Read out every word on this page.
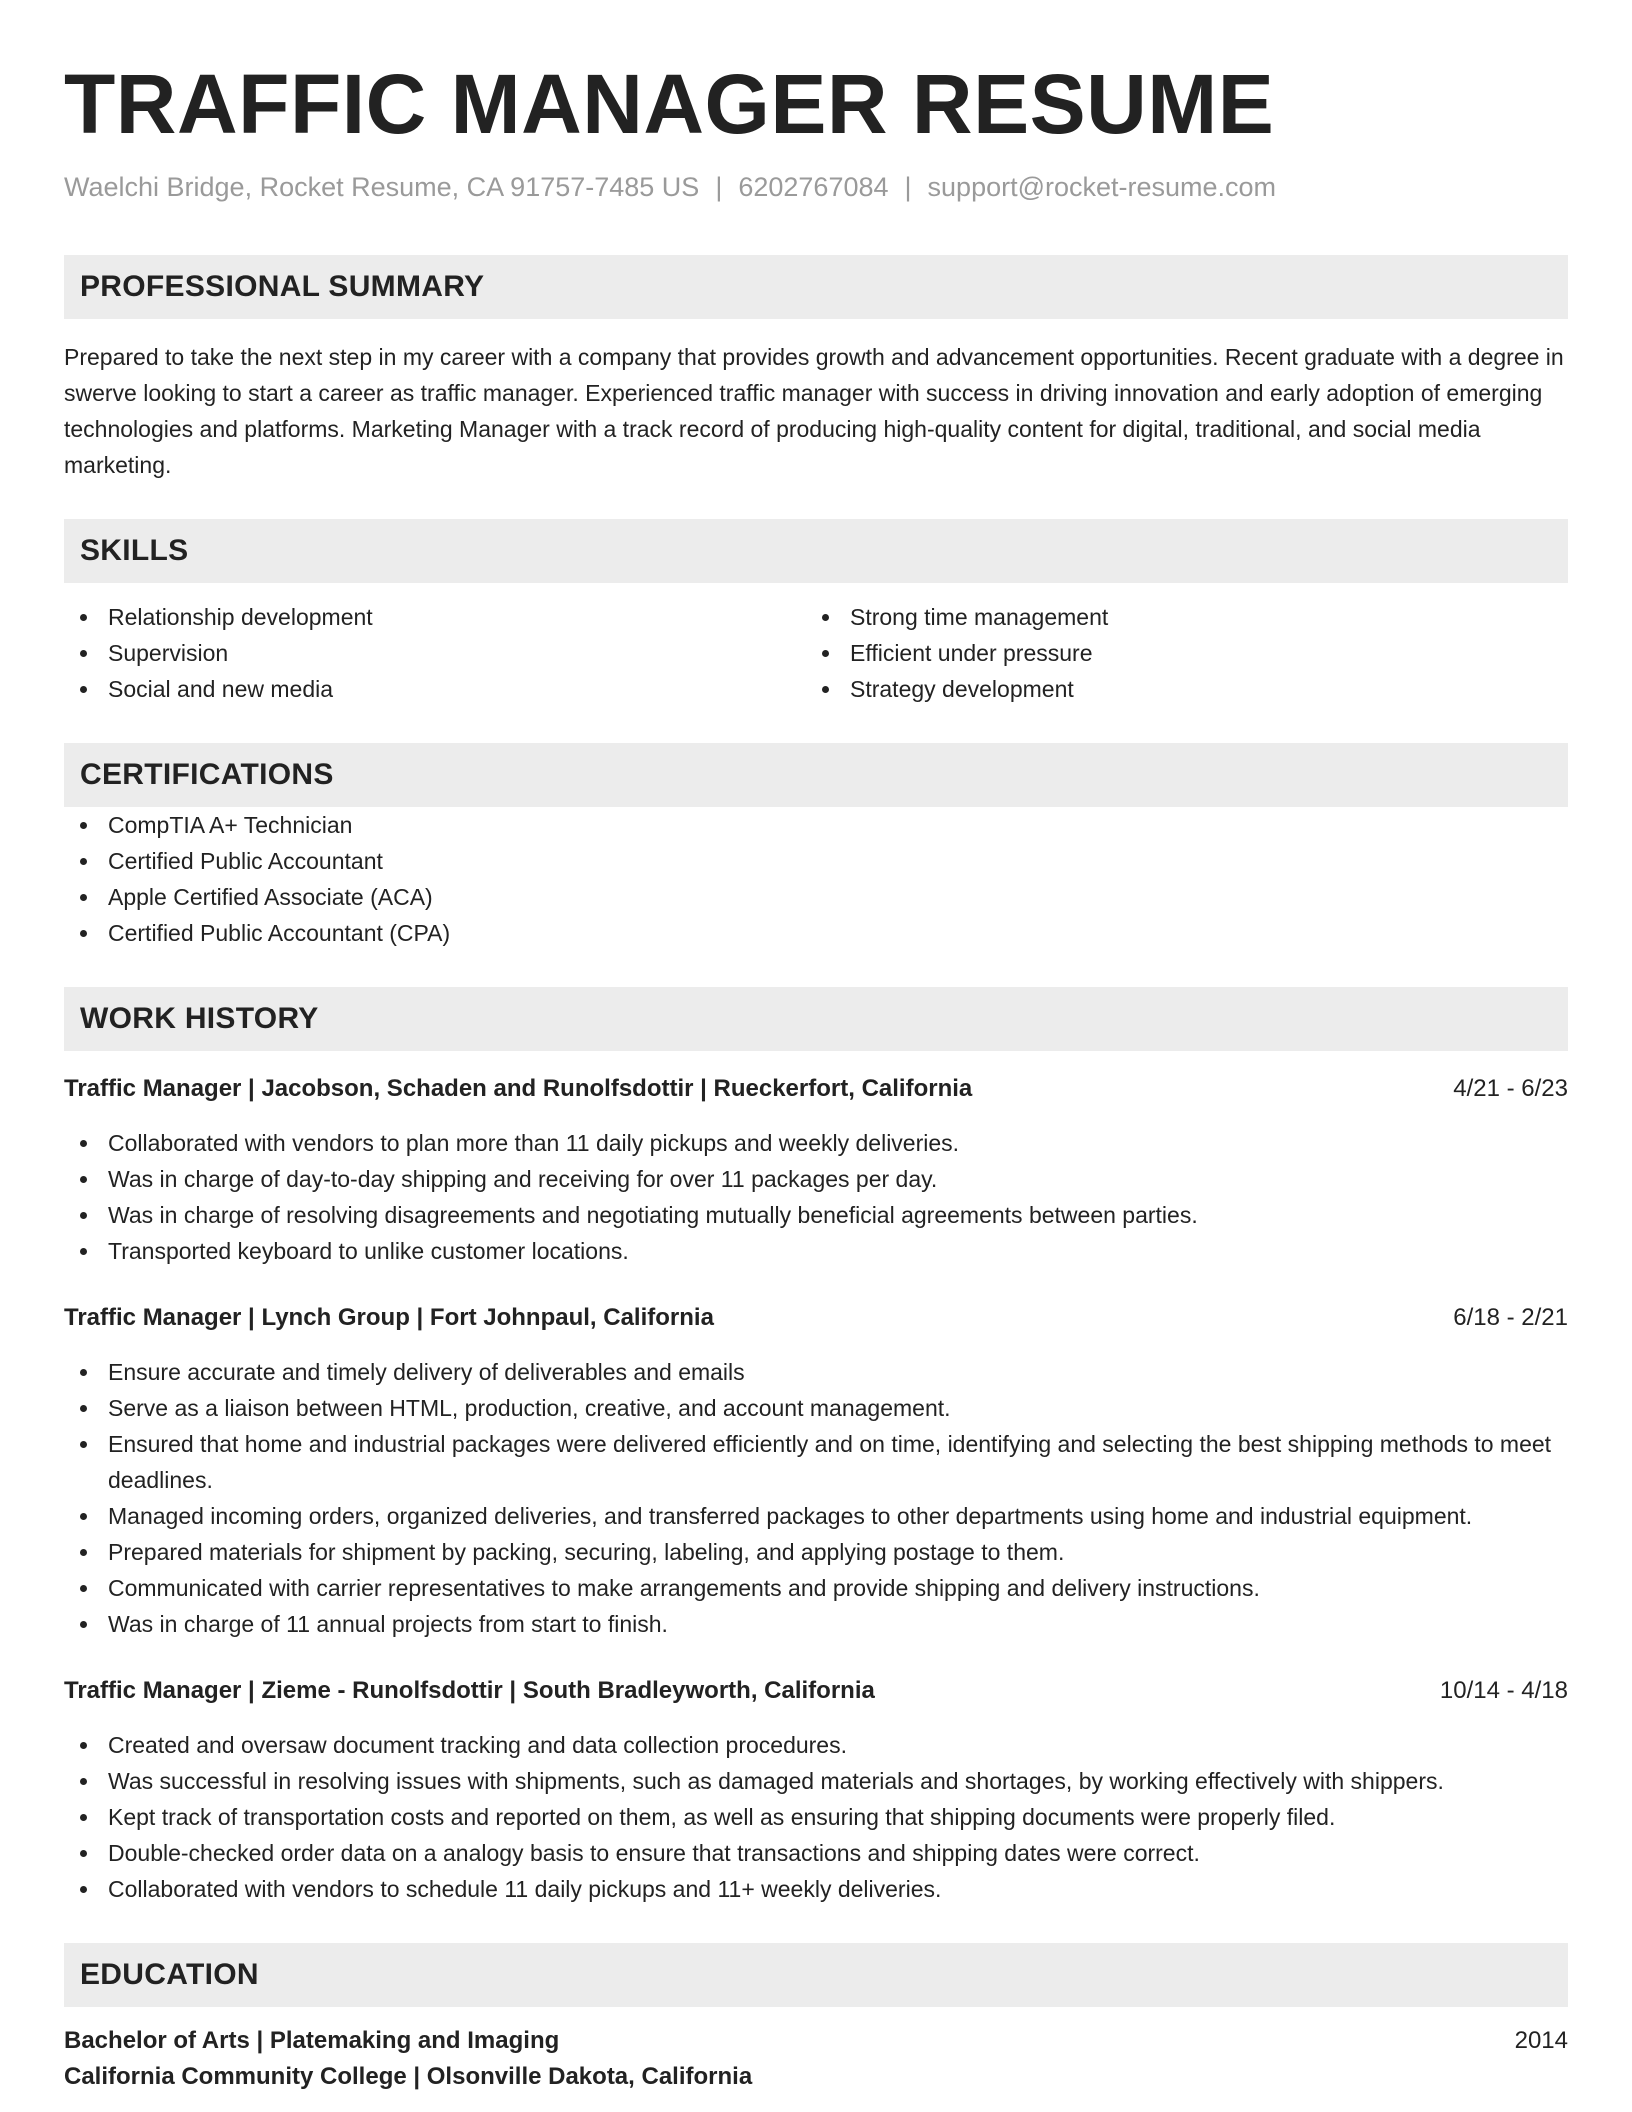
TRAFFIC MANAGER RESUME
Waelchi Bridge, Rocket Resume, CA 91757-7485 US | 6202767084 | support@rocket-resume.com
PROFESSIONAL SUMMARY

Prepared to take the next step in my career with a company that provides growth and advancement opportunities. Recent graduate with a degree in swerve looking to start a career as traffic manager. Experienced traffic manager with success in driving innovation and early adoption of emerging technologies and platforms. Marketing Manager with a track record of producing high-quality content for digital, traditional, and social media marketing.

SKILLS
Relationship development
Supervision
Social and new media
Strong time management
Efficient under pressure
Strategy development
CERTIFICATIONS
CompTIA A+ Technician
Certified Public Accountant
Apple Certified Associate (ACA)
Certified Public Accountant (CPA)
WORK HISTORY
Traffic Manager | Jacobson, Schaden and Runolfsdottir | Rueckerfort, California	4/21 - 6/23
Collaborated with vendors to plan more than 11 daily pickups and weekly deliveries.
Was in charge of day-to-day shipping and receiving for over 11 packages per day.
Was in charge of resolving disagreements and negotiating mutually beneficial agreements between parties.
Transported keyboard to unlike customer locations.
Traffic Manager | Lynch Group | Fort Johnpaul, California	6/18 - 2/21
Ensure accurate and timely delivery of deliverables and emails
Serve as a liaison between HTML, production, creative, and account management.
Ensured that home and industrial packages were delivered efficiently and on time, identifying and selecting the best shipping methods to meet deadlines.
Managed incoming orders, organized deliveries, and transferred packages to other departments using home and industrial equipment.
Prepared materials for shipment by packing, securing, labeling, and applying postage to them.
Communicated with carrier representatives to make arrangements and provide shipping and delivery instructions.
Was in charge of 11 annual projects from start to finish.
Traffic Manager | Zieme - Runolfsdottir | South Bradleyworth, California	10/14 - 4/18
Created and oversaw document tracking and data collection procedures.
Was successful in resolving issues with shipments, such as damaged materials and shortages, by working effectively with shippers.
Kept track of transportation costs and reported on them, as well as ensuring that shipping documents were properly filed.
Double-checked order data on a analogy basis to ensure that transactions and shipping dates were correct.
Collaborated with vendors to schedule 11 daily pickups and 11+ weekly deliveries.
EDUCATION
Bachelor of Arts | Platemaking and Imaging	2014
California Community College | Olsonville Dakota, California
